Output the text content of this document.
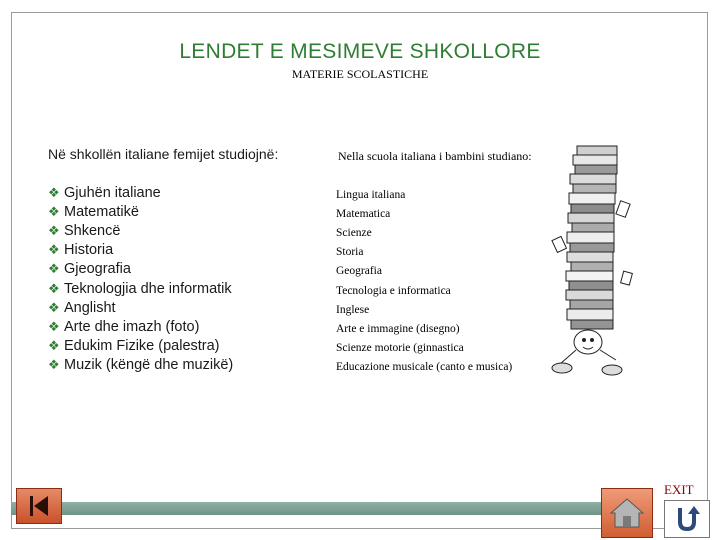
LENDET E MESIMEVE SHKOLLORE
MATERIE SCOLASTICHE
Në shkollën italiane femijet studiojnë:	Nella scuola italiana i bambini studiano:
❖ Gjuhën italiane
❖ Matematikë
❖ Shkencë
❖ Historia
❖ Gjeografia
❖ Teknologjia dhe informatik
❖ Anglisht
❖ Arte dhe imazh (foto)
❖ Edukim Fizike (palestra)
❖ Muzik (këngë dhe muzikë)
Lingua italiana
Matematica
Scienze
Storia
Geografia
Tecnologia e informatica
Inglese
Arte e immagine (disegno)
Scienze motorie (ginnastica
Educazione musicale (canto e musica)
EXIT
